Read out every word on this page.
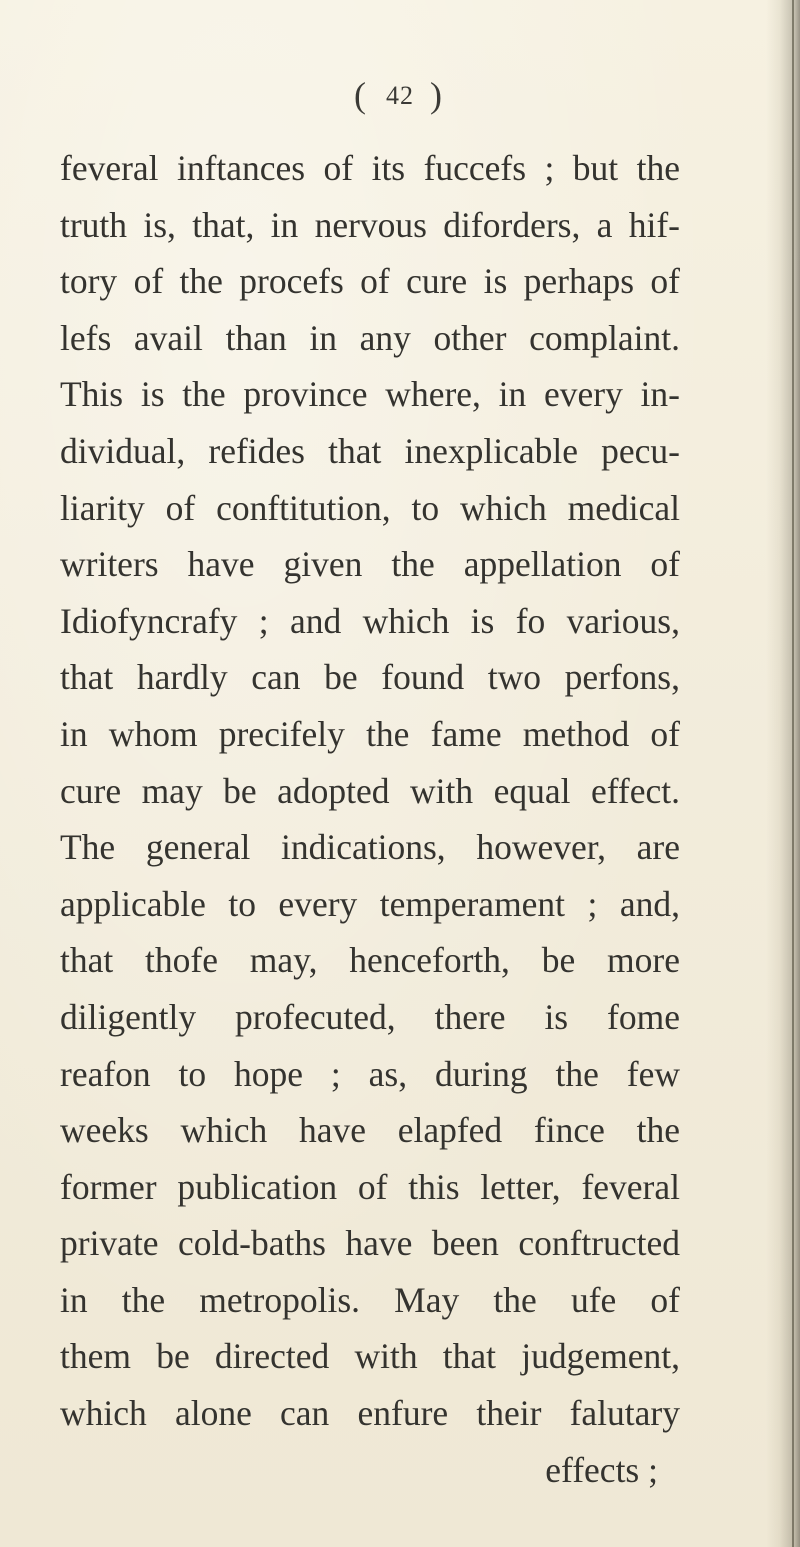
( 42 )
feveral inftances of its fuccefs ; but the
truth is, that, in nervous diforders, a hif-
tory of the procefs of cure is perhaps of
lefs avail than in any other complaint.
This is the province where, in every in-
dividual, refides that inexplicable pecu-
liarity of conftitution, to which medical
writers have given the appellation of
Idiofyncrafy ; and which is fo various,
that hardly can be found two perfons,
in whom precifely the fame method of
cure may be adopted with equal effect.
The general indications, however, are
applicable to every temperament ; and,
that thofe may, henceforth, be more
diligently profecuted, there is fome
reafon to hope ; as, during the few
weeks which have elapfed fince the
former publication of this letter, feveral
private cold-baths have been conftructed
in the metropolis. May the ufe of
them be directed with that judgement,
which alone can enfure their falutary
effects ;
